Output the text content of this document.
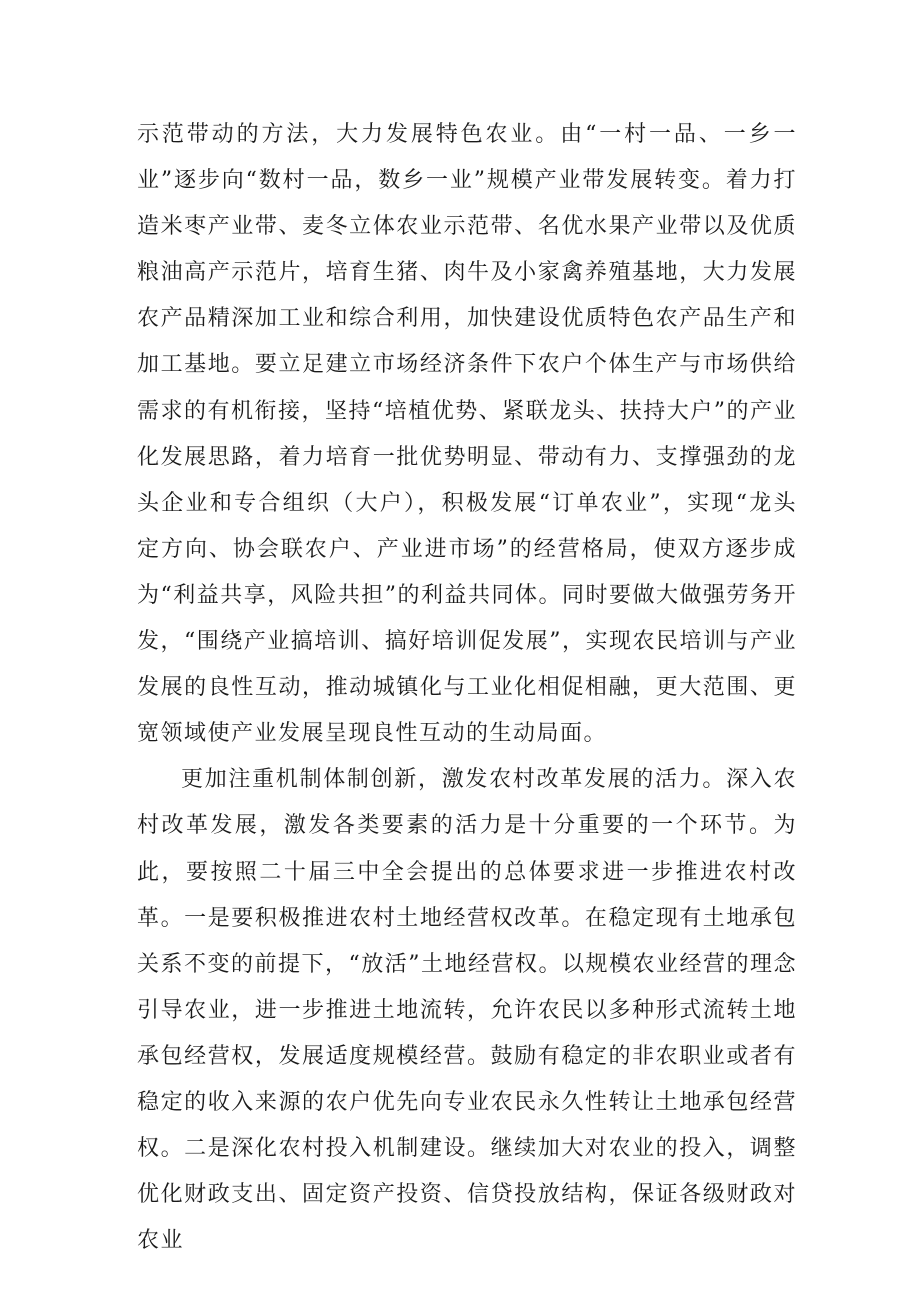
示范带动的方法，大力发展特色农业。由“一村一品、一乡一业”逐步向“数村一品，数乡一业”规模产业带发展转变。着力打造米枣产业带、麦冬立体农业示范带、名优水果产业带以及优质粮油高产示范片，培育生猪、肉牛及小家禽养殖基地，大力发展农产品精深加工业和综合利用，加快建设优质特色农产品生产和加工基地。要立足建立市场经济条件下农户个体生产与市场供给需求的有机衔接，坚持“培植优势、紧联龙头、扶持大户”的产业化发展思路，着力培育一批优势明显、带动有力、支撑强劲的龙头企业和专合组织（大户），积极发展“订单农业”，实现“龙头定方向、协会联农户、产业进市场”的经营格局，使双方逐步成为“利益共享，风险共担”的利益共同体。同时要做大做强劳务开发，“围绕产业搞培训、搞好培训促发展”，实现农民培训与产业发展的良性互动，推动城镇化与工业化相促相融，更大范围、更宽领域使产业发展呈现良性互动的生动局面。

更加注重机制体制创新，激发农村改革发展的活力。深入农村改革发展，激发各类要素的活力是十分重要的一个环节。为此，要按照二十届三中全会提出的总体要求进一步推进农村改革。一是要积极推进农村土地经营权改革。在稳定现有土地承包关系不变的前提下，“放活”土地经营权。以规模农业经营的理念引导农业，进一步推进土地流转，允许农民以多种形式流转土地承包经营权，发展适度规模经营。鼓励有稳定的非农职业或者有稳定的收入来源的农户优先向专业农民永久性转让土地承包经营权。二是深化农村投入机制建设。继续加大对农业的投入，调整优化财政支出、固定资产投资、信贷投放结构，保证各级财政对农业
